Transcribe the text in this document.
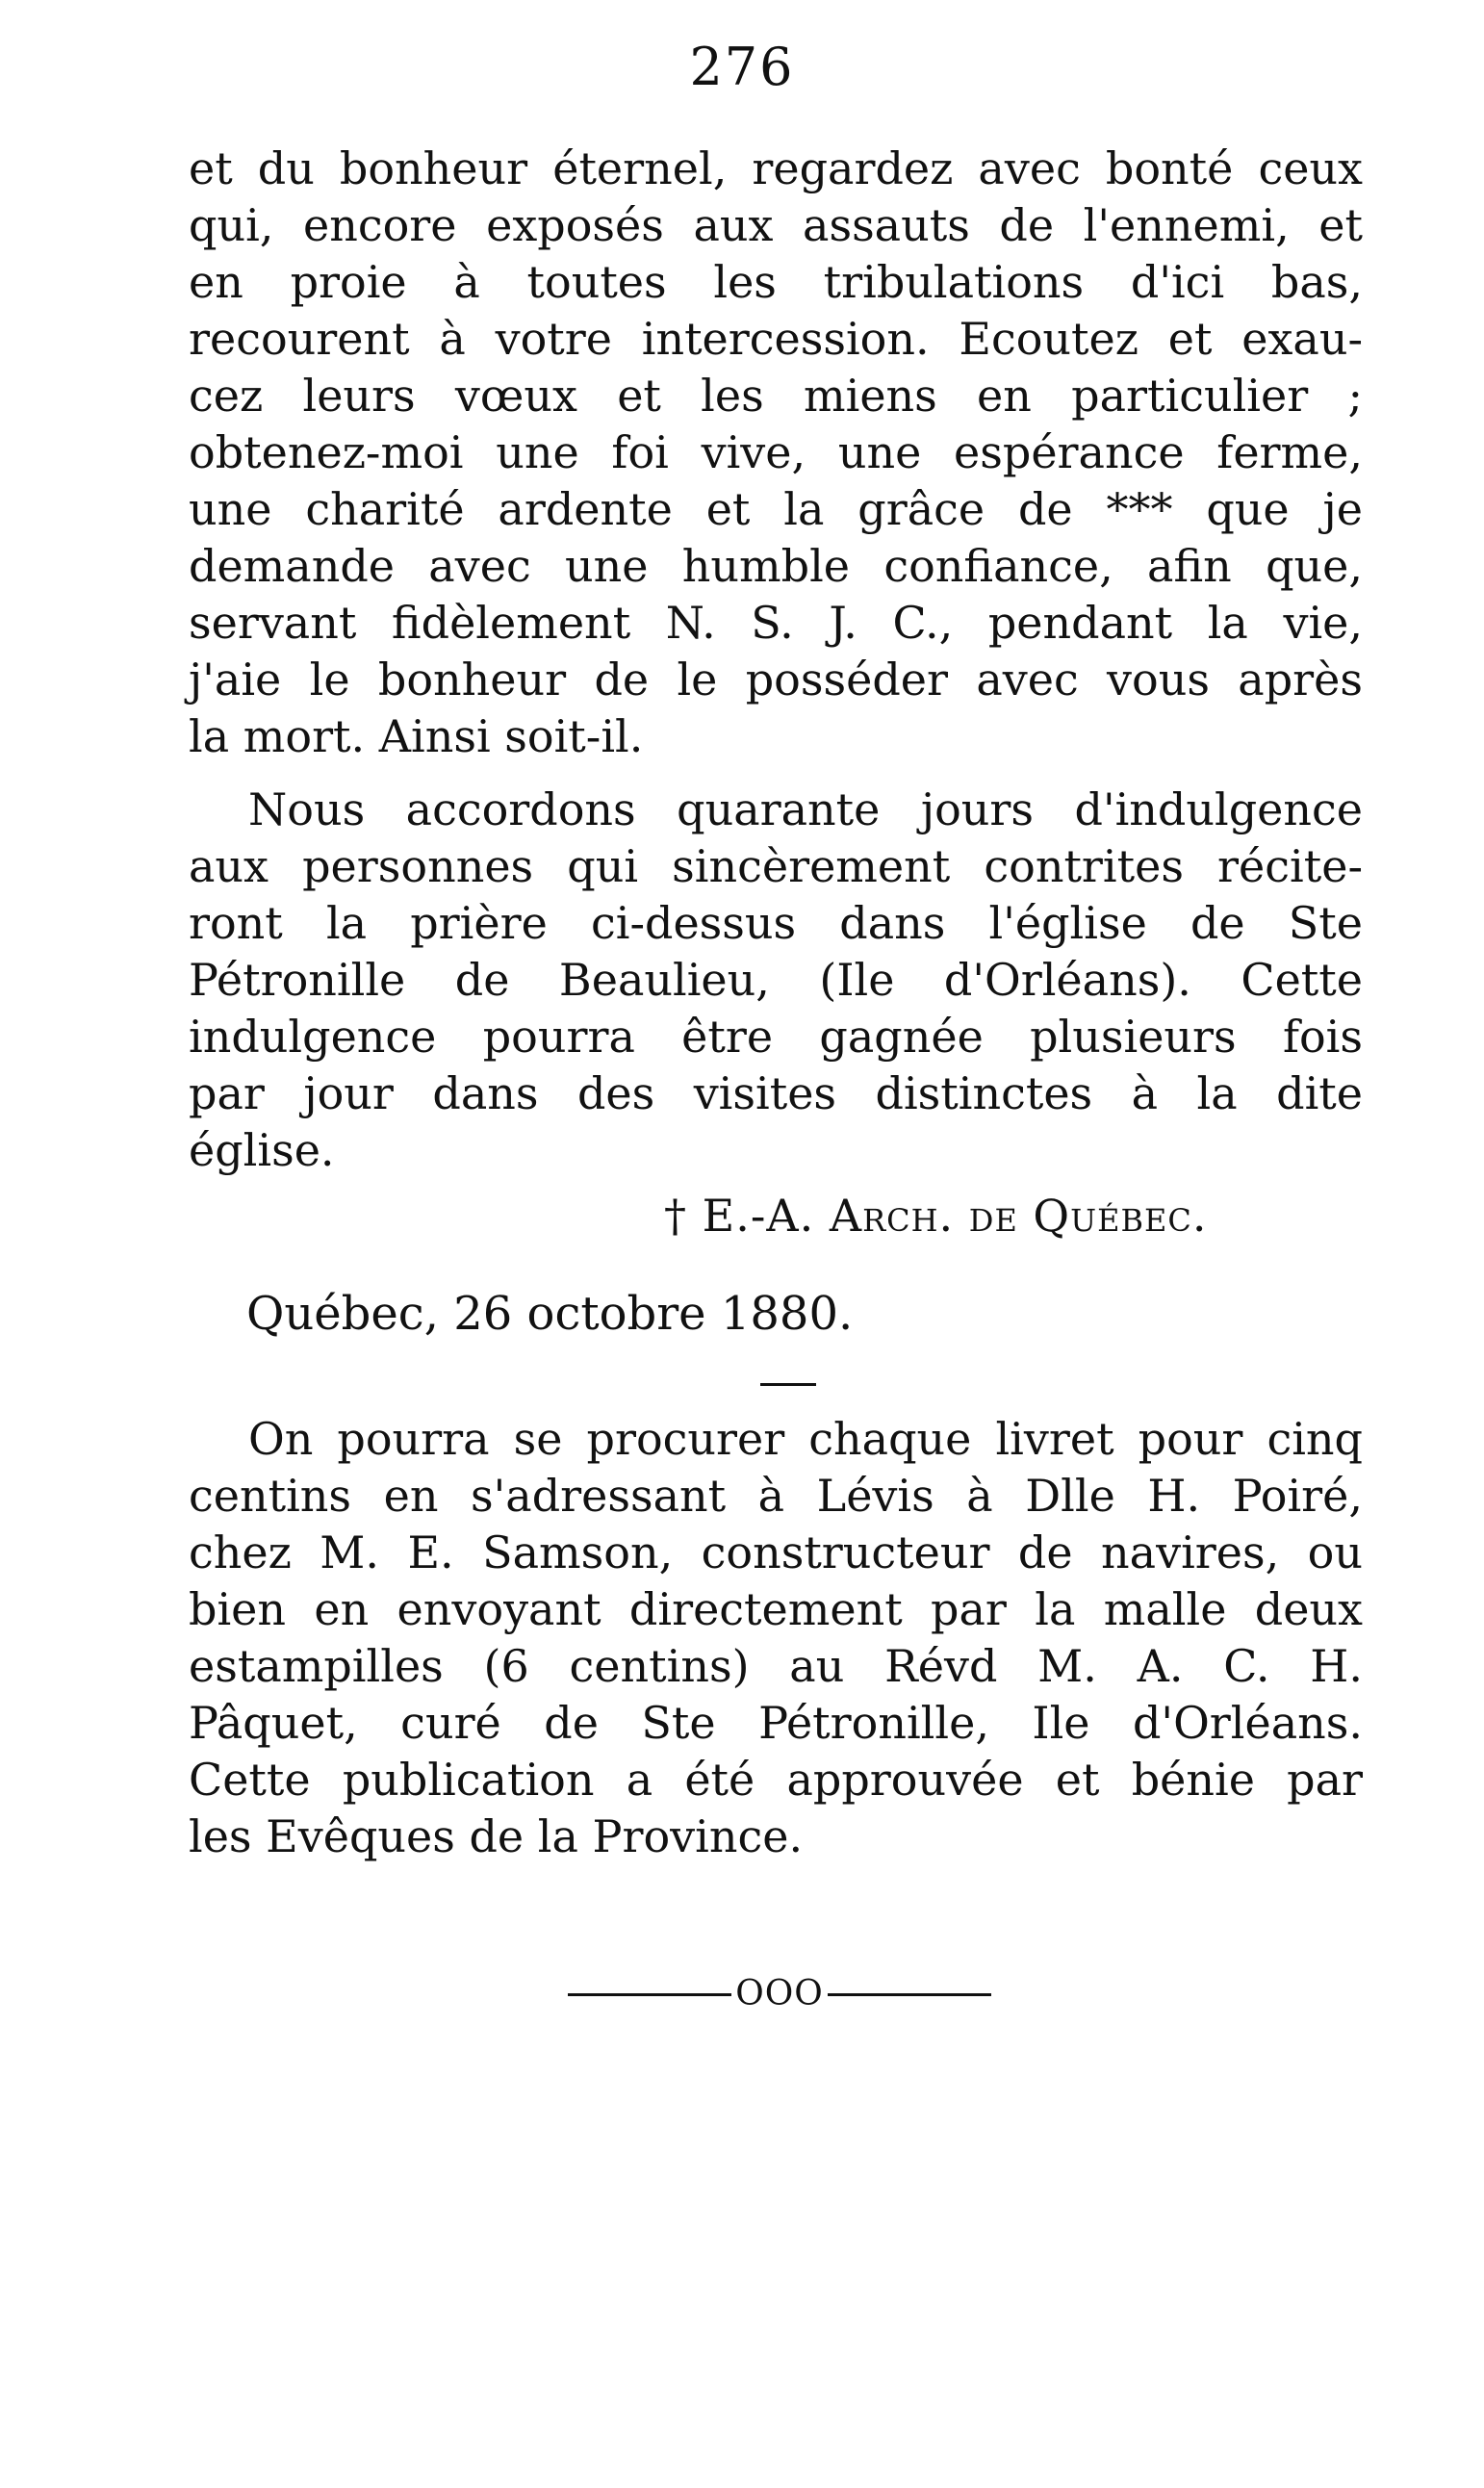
276
et du bonheur éternel, regardez avec bonté ceux
qui, encore exposés aux assauts de l'ennemi, et
en proie à toutes les tribulations d'ici bas,
recourent à votre intercession. Ecoutez et exau-
cez leurs vœux et les miens en particulier ;
obtenez-moi une foi vive, une espérance ferme,
une charité ardente et la grâce de *** que je
demande avec une humble confiance, afin que,
servant fidèlement N. S. J. C., pendant la vie,
j'aie le bonheur de le posséder avec vous après
la mort. Ainsi soit-il.
Nous accordons quarante jours d'indulgence
aux personnes qui sincèrement contrites récite-
ront la prière ci-dessus dans l'église de Ste
Pétronille de Beaulieu, (Ile d'Orléans). Cette
indulgence pourra être gagnée plusieurs fois
par jour dans des visites distinctes à la dite
église.
† E.-A. Arch. de Québec.
Québec, 26 octobre 1880.
On pourra se procurer chaque livret pour cinq
centins en s'adressant à Lévis à Dlle H. Poiré,
chez M. E. Samson, constructeur de navires, ou
bien en envoyant directement par la malle deux
estampilles (6 centins) au Révd M. A. C. H.
Pâquet, curé de Ste Pétronille, Ile d'Orléans.
Cette publication a été approuvée et bénie par
les Evêques de la Province.
OOO
